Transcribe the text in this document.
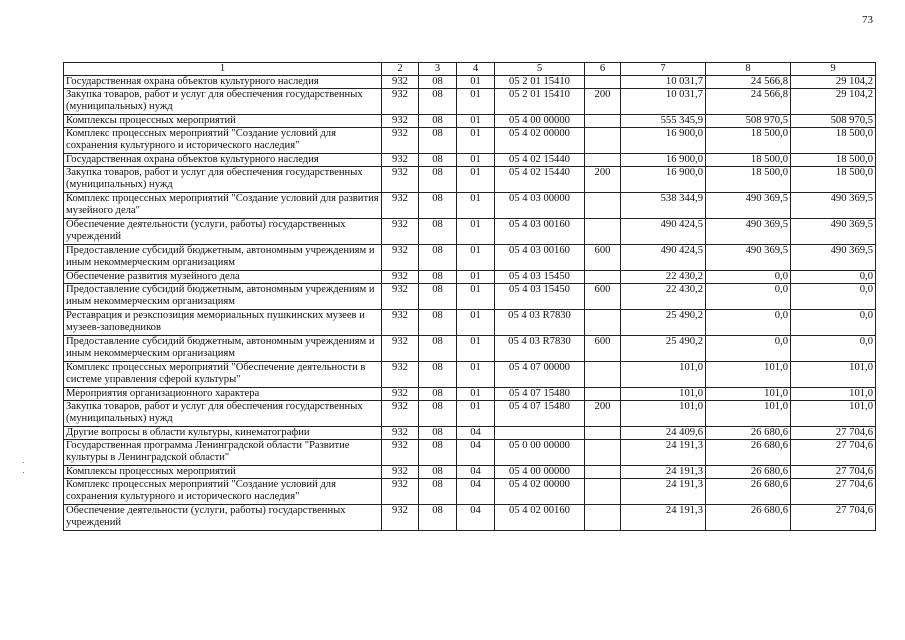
73
1	2	3	4	5	6	7	8	9
Государственная охрана объектов культурного наследия	932	08	01	05 2 01 15410		10 031,7	24 566,8	29 104,2
Закупка товаров, работ и услуг для обеспечения государственных (муниципальных) нужд	932	08	01	05 2 01 15410	200	10 031,7	24 566,8	29 104,2
Комплексы процессных мероприятий	932	08	01	05 4 00 00000		555 345,9	508 970,5	508 970,5
Комплекс процессных мероприятий "Создание условий для сохранения культурного и исторического наследия"	932	08	01	05 4 02 00000		16 900,0	18 500,0	18 500,0
Государственная охрана объектов культурного наследия	932	08	01	05 4 02 15440		16 900,0	18 500,0	18 500,0
Закупка товаров, работ и услуг для обеспечения государственных (муниципальных) нужд	932	08	01	05 4 02 15440	200	16 900,0	18 500,0	18 500,0
Комплекс процессных мероприятий "Создание условий для развития музейного дела"	932	08	01	05 4 03 00000		538 344,9	490 369,5	490 369,5
Обеспечение деятельности (услуги, работы) государственных учреждений	932	08	01	05 4 03 00160		490 424,5	490 369,5	490 369,5
Предоставление субсидий бюджетным, автономным учреждениям и иным некоммерческим организациям	932	08	01	05 4 03 00160	600	490 424,5	490 369,5	490 369,5
Обеспечение развития музейного дела	932	08	01	05 4 03 15450		22 430,2	0,0	0,0
Предоставление субсидий бюджетным, автономным учреждениям и иным некоммерческим организациям	932	08	01	05 4 03 15450	600	22 430,2	0,0	0,0
Реставрация и реэкспозиция мемориальных пушкинских музеев и музеев-заповедников	932	08	01	05 4 03 R7830		25 490,2	0,0	0,0
Предоставление субсидий бюджетным, автономным учреждениям и иным некоммерческим организациям	932	08	01	05 4 03 R7830	600	25 490,2	0,0	0,0
Комплекс процессных мероприятий "Обеспечение деятельности в системе управления сферой культуры"	932	08	01	05 4 07 00000		101,0	101,0	101,0
Мероприятия организационного характера	932	08	01	05 4 07 15480		101,0	101,0	101,0
Закупка товаров, работ и услуг для обеспечения государственных (муниципальных) нужд	932	08	01	05 4 07 15480	200	101,0	101,0	101,0
Другие вопросы в области культуры, кинематографии	932	08	04			24 409,6	26 680,6	27 704,6
Государственная программа Ленинградской области "Развитие культуры в Ленинградской области"	932	08	04	05 0 00 00000		24 191,3	26 680,6	27 704,6
Комплексы процессных мероприятий	932	08	04	05 4 00 00000		24 191,3	26 680,6	27 704,6
Комплекс процессных мероприятий "Создание условий для сохранения культурного и исторического наследия"	932	08	04	05 4 02 00000		24 191,3	26 680,6	27 704,6
Обеспечение деятельности (услуги, работы) государственных учреждений	932	08	04	05 4 02 00160		24 191,3	26 680,6	27 704,6
